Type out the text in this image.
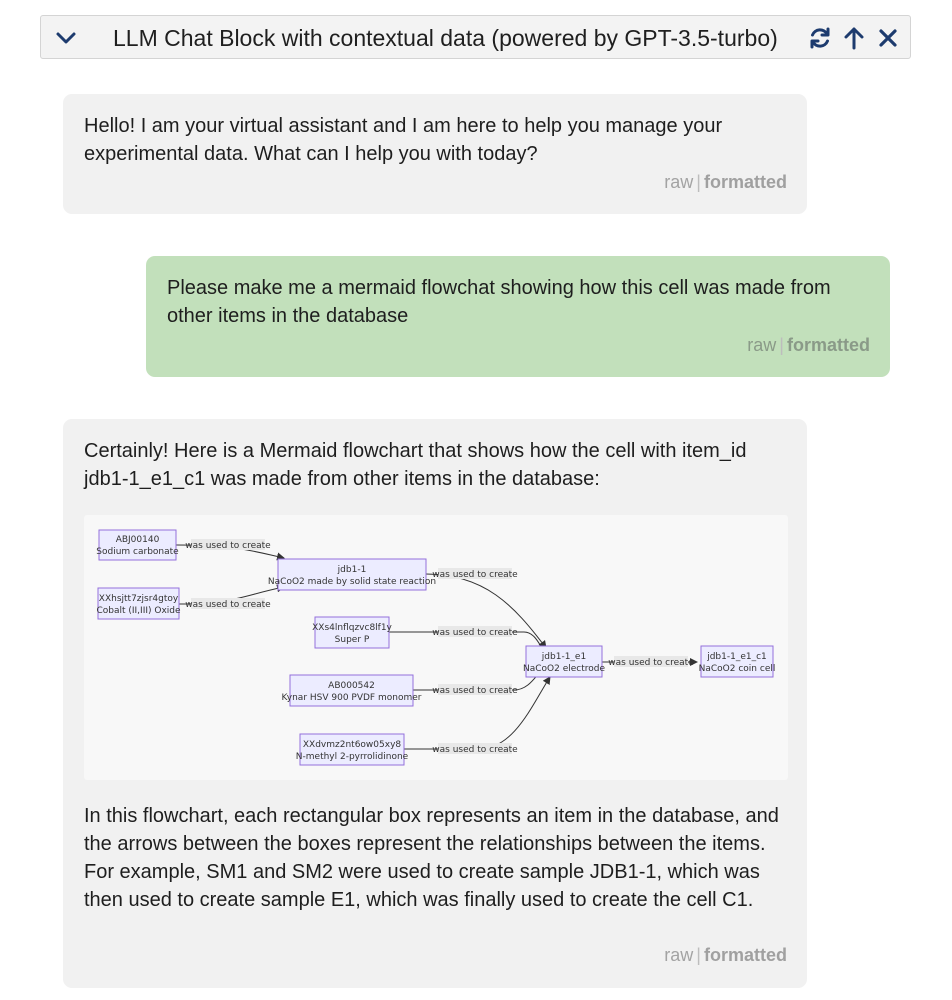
LLM Chat Block with contextual data (powered by GPT-3.5-turbo)
Hello! I am your virtual assistant and I am here to help you manage your experimental data. What can I help you with today?
raw | formatted
Please make me a mermaid flowchat showing how this cell was made from other items in the database
raw | formatted
Certainly! Here is a Mermaid flowchart that shows how the cell with item_id jdb1-1_e1_c1 was made from other items in the database:
was used to create
was used to create
was used to create
was used to create
was used to create
was used to create
was used to create
ABJ00140
Sodium carbonate
XXhsjtt7zjsr4gtoy
Cobalt (II,III) Oxide
jdb1-1
NaCoO2 made by solid state reaction
XXs4lnflqzvc8lf1y
Super P
AB000542
Kynar HSV 900 PVDF monomer
XXdvmz2nt6ow05xy8
N-methyl 2-pyrrolidinone
jdb1-1_e1
NaCoO2 electrode
jdb1-1_e1_c1
NaCoO2 coin cell
In this flowchart, each rectangular box represents an item in the database, and the arrows between the boxes represent the relationships between the items. For example, SM1 and SM2 were used to create sample JDB1-1, which was then used to create sample E1, which was finally used to create the cell C1.
raw | formatted
